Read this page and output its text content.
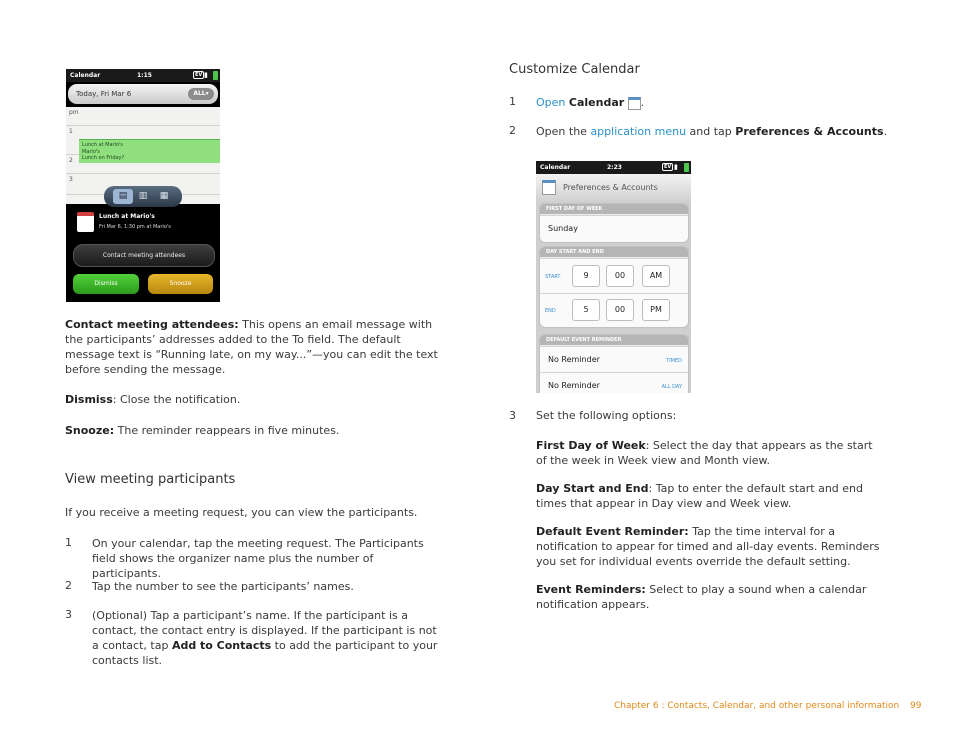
Calendar	1:15	EV ▮
Today, Fri Mar 6	ALL▾
pm
1
2
3
Lunch at Mario's
Mario's
Lunch on Friday?
▤	▥	▦
Lunch at Mario's
Fri Mar 6, 1:30 pm at Mario's
Contact meeting attendees
Dismiss	Snooze

Contact meeting attendees: This opens an email message with the participants’ addresses added to the To field. The default message text is “Running late, on my way...”—you can edit the text before sending the message.

Dismiss: Close the notification.

Snooze: The reminder reappears in five minutes.

View meeting participants

If you receive a meeting request, you can view the participants.

1	On your calendar, tap the meeting request. The Participants field shows the organizer name plus the number of participants.

2	Tap the number to see the participants’ names.

3	(Optional) Tap a participant’s name. If the participant is a contact, the contact entry is displayed. If the participant is not a contact, tap Add to Contacts to add the participant to your contacts list.

Customize Calendar
1 Open Calendar .

2 Open the application menu and tap Preferences & Accounts.

Calendar	2:23	EV ▮
Preferences & Accounts
FIRST DAY OF WEEK
Sunday
DAY START AND END
START	9	00	AM
END	5	00	PM
DEFAULT EVENT REMINDER
No Reminder	TIMED
No Reminder	ALL DAY
3 Set the following options:

First Day of Week: Select the day that appears as the start of the week in Week view and Month view.

Day Start and End: Tap to enter the default start and end times that appear in Day view and Week view.

Default Event Reminder: Tap the time interval for a notification to appear for timed and all-day events. Reminders you set for individual events override the default setting.

Event Reminders: Select to play a sound when a calendar notification appears.

Chapter 6 : Contacts, Calendar, and other personal information 99
